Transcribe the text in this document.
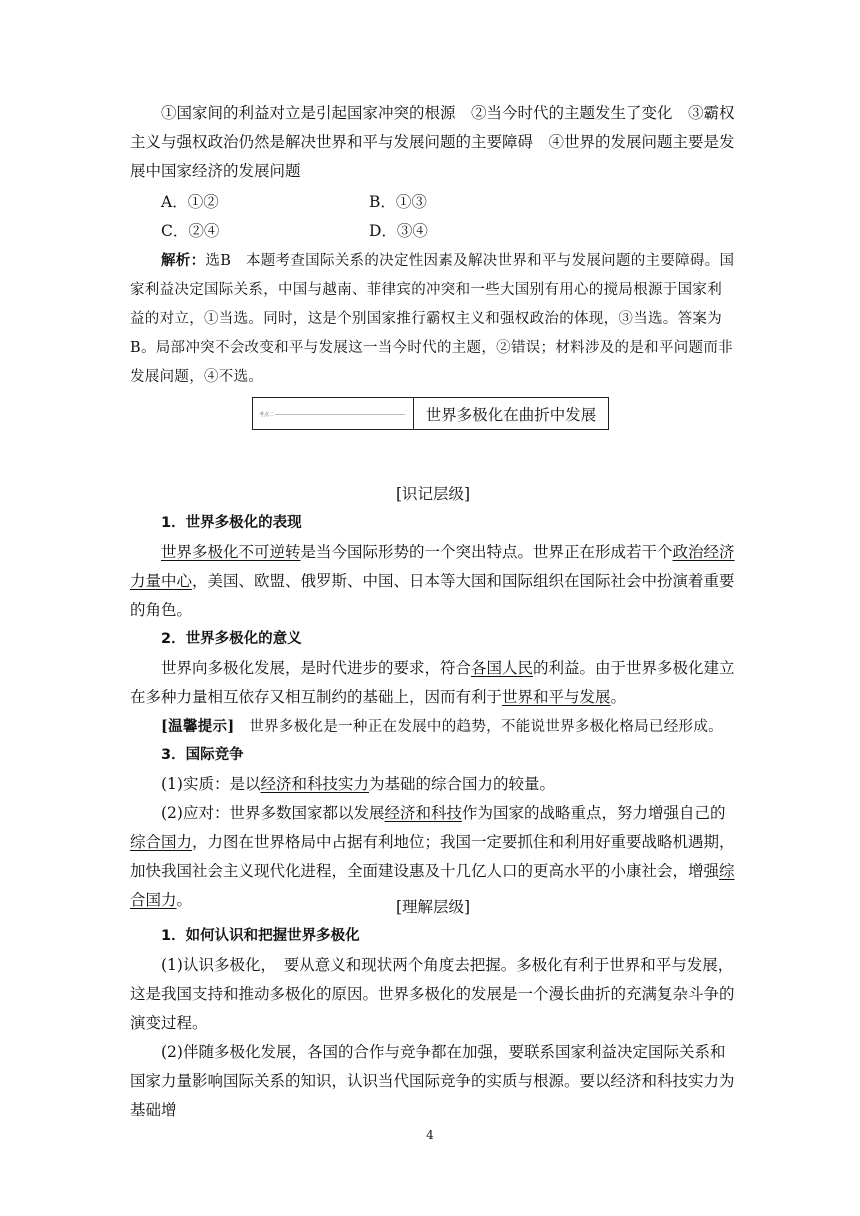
①国家间的利益对立是引起国家冲突的根源　②当今时代的主题发生了变化　③霸权主义与强权政治仍然是解决世界和平与发展问题的主要障碍　④世界的发展问题主要是发展中国家经济的发展问题

A．①②	B．①③
C．②④	D．③④

解析：选B　本题考查国际关系的决定性因素及解决世界和平与发展问题的主要障碍。国家利益决定国际关系，中国与越南、菲律宾的冲突和一些大国别有用心的搅局根源于国家利益的对立，①当选。同时，这是个别国家推行霸权主义和强权政治的体现，③当选。答案为B。局部冲突不会改变和平与发展这一当今时代的主题，②错误；材料涉及的是和平问题而非发展问题，④不选。

考点二	世界多极化在曲折中发展
[识记层级]
1．世界多极化的表现

世界多极化不可逆转是当今国际形势的一个突出特点。世界正在形成若干个政治经济力量中心，美国、欧盟、俄罗斯、中国、日本等大国和国际组织在国际社会中扮演着重要的角色。

2．世界多极化的意义

世界向多极化发展，是时代进步的要求，符合各国人民的利益。由于世界多极化建立在多种力量相互依存又相互制约的基础上，因而有利于世界和平与发展。

[温馨提示]　世界多极化是一种正在发展中的趋势，不能说世界多极化格局已经形成。
3．国际竞争

(1)实质：是以经济和科技实力为基础的综合国力的较量。

(2)应对：世界多数国家都以发展经济和科技作为国家的战略重点，努力增强自己的综合国力，力图在世界格局中占据有利地位；我国一定要抓住和利用好重要战略机遇期，加快我国社会主义现代化进程，全面建设惠及十几亿人口的更高水平的小康社会，增强综合国力。	[理解层级]
1．如何认识和把握世界多极化

(1)认识多极化，　要从意义和现状两个角度去把握。多极化有利于世界和平与发展，这是我国支持和推动多极化的原因。世界多极化的发展是一个漫长曲折的充满复杂斗争的演变过程。

(2)伴随多极化发展，各国的合作与竞争都在加强，要联系国家利益决定国际关系和国家力量影响国际关系的知识，认识当代国际竞争的实质与根源。要以经济和科技实力为基础增

4
